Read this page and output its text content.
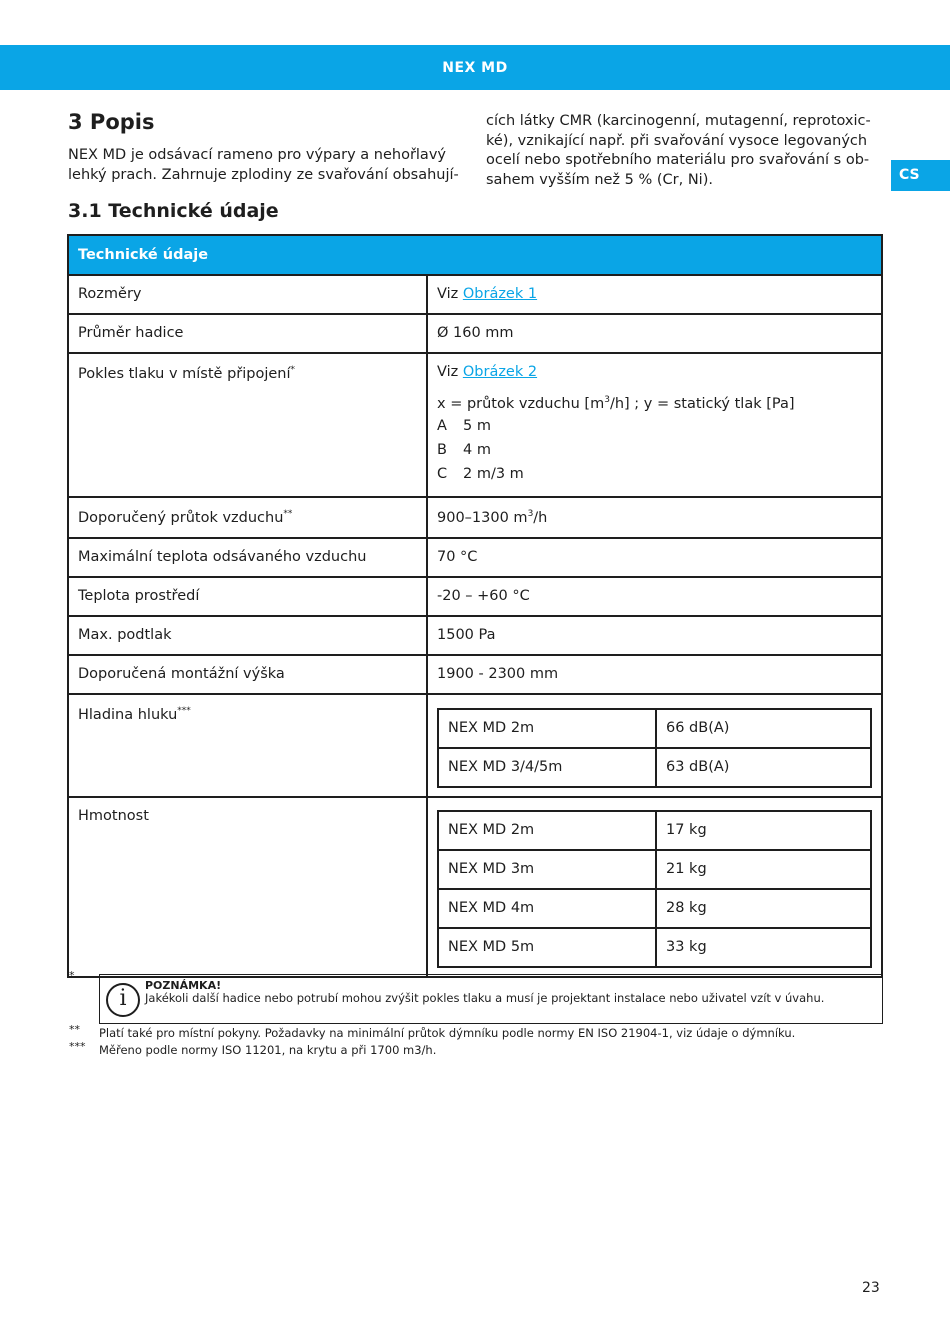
NEX MD
CS
3 Popis

NEX MD je odsávací rameno pro výpary a nehořlavý lehký prach. Zahrnuje zplodiny ze svařování obsahují-

cích látky CMR (karcinogenní, mutagenní, reprotoxic-ké), vznikající např. při svařování vysoce legovaných ocelí nebo spotřebního materiálu pro svařování s ob-sahem vyšším než 5 % (Cr, Ni).

3.1 Technické údaje
Technické údaje
Rozměry	Viz Obrázek 1
Průměr hadice	Ø 160 mm
Pokles tlaku v místě připojení*	Viz Obrázek 2
x = průtok vzduchu $[m^3/h]$ ; y = statický tlak [Pa]
A 5 m
B 4 m
C 2 m/3 m

Doporučený průtok vzduchu**	900–1300 $m^3/h$
Maximální teplota odsávaného vzduchu	70 °C
Teplota prostředí	-20 – +60 °C
Max. podtlak	1500 Pa
Doporučená montážní výška	1900 - 2300 mm
Hladina hluku***	
NEX MD 2m	66 dB(A)
NEX MD 3/4/5m	63 dB(A)

Hmotnost	
NEX MD 2m	17 kg
NEX MD 3m	21 kg
NEX MD 4m	28 kg
NEX MD 5m	33 kg
*
i
POZNÁMKA!
Jakékoli další hadice nebo potrubí mohou zvýšit pokles tlaku a musí je projektant instalace nebo uživatel vzít v úvahu.
** Platí také pro místní pokyny. Požadavky na minimální průtok dýmníku podle normy EN ISO 21904-1, viz údaje o dýmníku.
*** Měřeno podle normy ISO 11201, na krytu a při 1700 m3/h.
23
